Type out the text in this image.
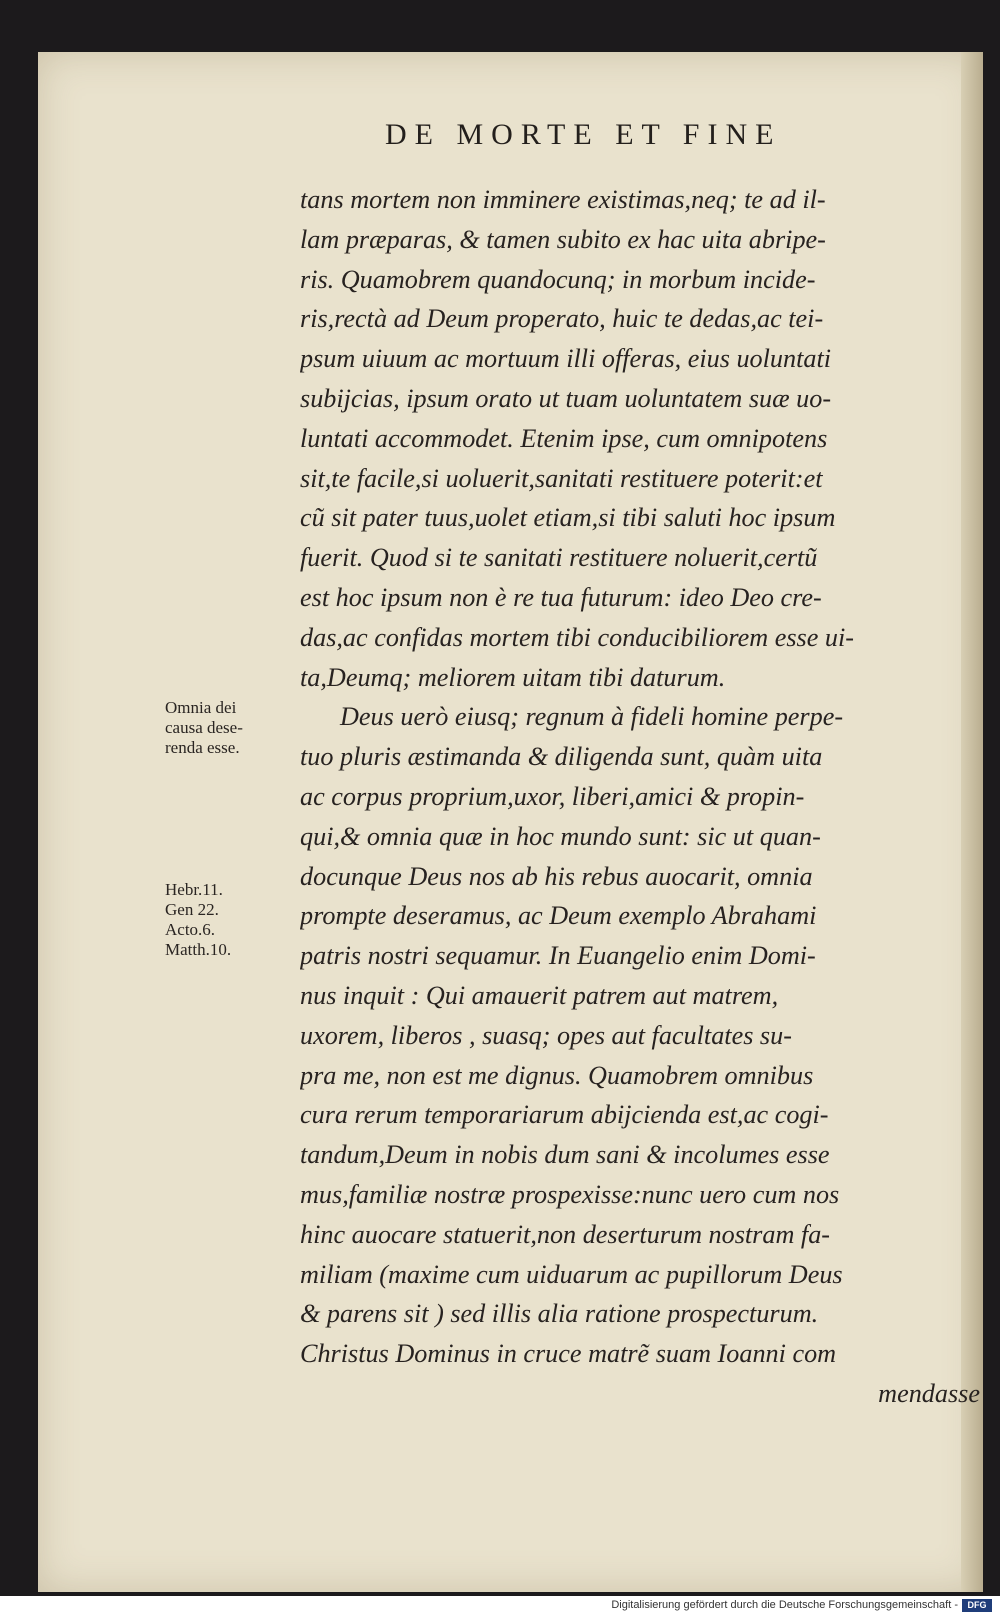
DE MORTE ET FINE
Omnia dei
causa dese-
renda esse.
Hebr.11.
Gen 22.
Acto.6.
Matth.10.
tans mortem non imminere existimas,neq; te ad il-
lam præparas, & tamen subito ex hac uita abripe-
ris. Quamobrem quandocunq; in morbum incide-
ris,rectà ad Deum properato, huic te dedas,ac tei-
psum uiuum ac mortuum illi offeras, eius uoluntati
subijcias, ipsum orato ut tuam uoluntatem suæ uo-
luntati accommodet. Etenim ipse, cum omnipotens
sit,te facile,si uoluerit,sanitati restituere poterit:et
cũ sit pater tuus,uolet etiam,si tibi saluti hoc ipsum
fuerit. Quod si te sanitati restituere noluerit,certũ
est hoc ipsum non è re tua futurum: ideo Deo cre-
das,ac confidas mortem tibi conducibiliorem esse ui-
ta,Deumq; meliorem uitam tibi daturum.
Deus uerò eiusq; regnum à fideli homine perpe-
tuo pluris æstimanda & diligenda sunt, quàm uita
ac corpus proprium,uxor, liberi,amici & propin-
qui,& omnia quæ in hoc mundo sunt: sic ut quan-
docunque Deus nos ab his rebus auocarit, omnia
prompte deseramus, ac Deum exemplo Abrahami
patris nostri sequamur. In Euangelio enim Domi-
nus inquit : Qui amauerit patrem aut matrem,
uxorem, liberos , suasq; opes aut facultates su-
pra me, non est me dignus. Quamobrem omnibus
cura rerum temporariarum abijcienda est,ac cogi-
tandum,Deum in nobis dum sani & incolumes esse
mus,familiæ nostræ prospexisse:nunc uero cum nos
hinc auocare statuerit,non deserturum nostram fa-
miliam (maxime cum uiduarum ac pupillorum Deus
& parens sit ) sed illis alia ratione prospecturum.
Christus Dominus in cruce matrẽ suam Ioanni com
mendasse
Digitalisierung gefördert durch die Deutsche Forschungsgemeinschaft -	DFG
